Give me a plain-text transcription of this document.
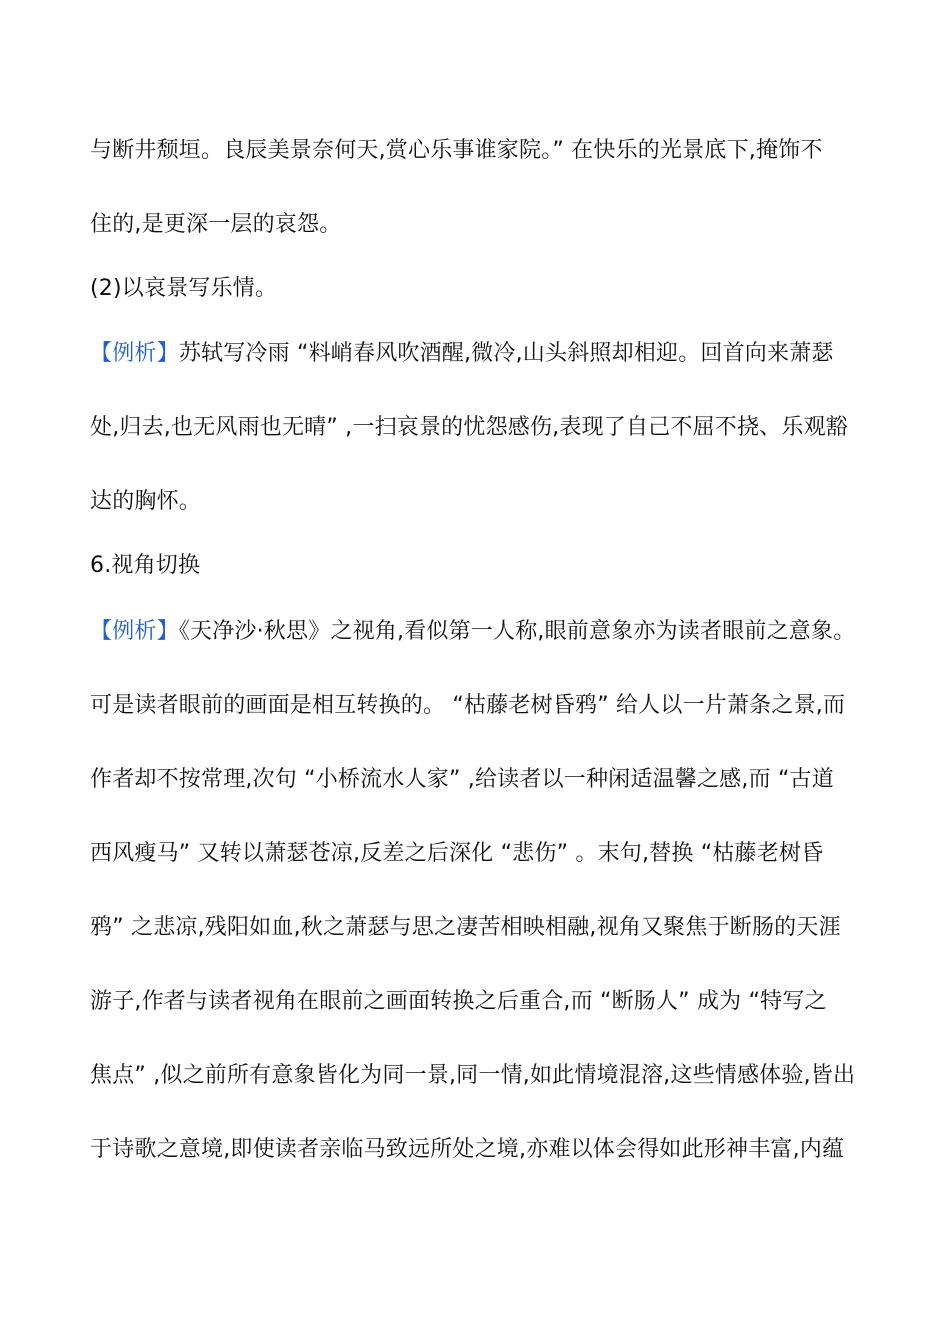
与断井颓垣。良辰美景奈何天,赏心乐事谁家院。” 在快乐的光景底下,掩饰不
住的,是更深一层的哀怨。
(2)以哀景写乐情。
【例析】苏轼写冷雨 “料峭春风吹酒醒,微冷,山头斜照却相迎。回首向来萧瑟
处,归去,也无风雨也无晴” ,一扫哀景的忧怨感伤,表现了自己不屈不挠、乐观豁
达的胸怀。
6.视角切换
【例析】《天净沙·秋思》之视角,看似第一人称,眼前意象亦为读者眼前之意象。
可是读者眼前的画面是相互转换的。 “枯藤老树昏鸦” 给人以一片萧条之景,而
作者却不按常理,次句 “小桥流水人家” ,给读者以一种闲适温馨之感,而 “古道
西风瘦马” 又转以萧瑟苍凉,反差之后深化 “悲伤” 。末句,替换 “枯藤老树昏
鸦” 之悲凉,残阳如血,秋之萧瑟与思之凄苦相映相融,视角又聚焦于断肠的天涯
游子,作者与读者视角在眼前之画面转换之后重合,而 “断肠人” 成为 “特写之
焦点” ,似之前所有意象皆化为同一景,同一情,如此情境混溶,这些情感体验,皆出
于诗歌之意境,即使读者亲临马致远所处之境,亦难以体会得如此形神丰富,内蕴
